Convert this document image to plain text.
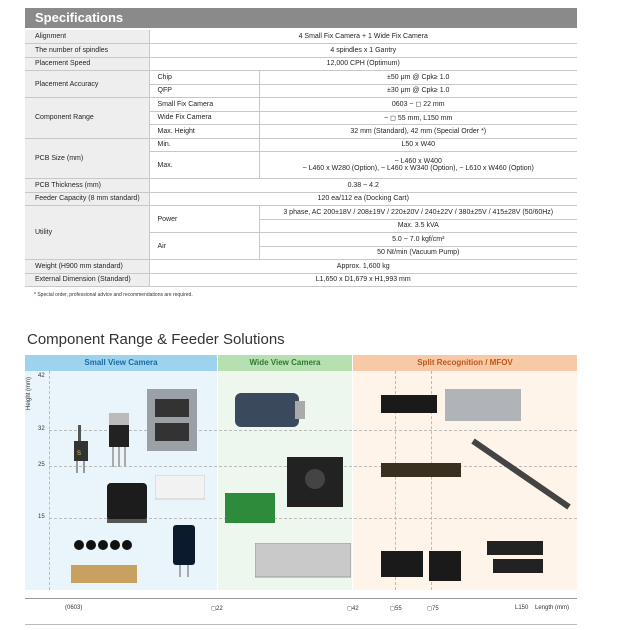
Specifications
Alignment	4 Small Fix Camera + 1 Wide Fix Camera	
The number of spindles	4 spindles x 1 Gantry	
Placement Speed	12,000 CPH (Optimum)	
Placement Accuracy	Chip	±50 μm @ Cpk≥ 1.0
	QFP	±30 μm @ Cpk≥ 1.0
Component Range	Small Fix Camera	0603 ~ ◻ 22 mm
	Wide Fix Camera	~ ◻ 55 mm, L150 mm
	Max. Height	32 mm (Standard), 42 mm (Special Order *)
PCB Size (mm)	Min.	L50 x W40
	Max.	~ L460 x W400
~ L460 x W280 (Option), ~ L460 x W340 (Option), ~ L610 x W460 (Option)

PCB Thickness (mm)	0.38 ~ 4.2	
Feeder Capacity (8 mm standard)	120 ea/112 ea (Docking Cart)	
Utility	Power	3 phase, AC 200±18V / 208±19V / 220±20V / 240±22V / 380±25V / 415±28V (50/60Hz)
		Max. 3.5 kVA
	Air	5.0 ~ 7.0 kgf/cm²
		50 Nℓ/min (Vacuum Pump)
Weight (H900 mm standard)	Approx. 1,600 kg	
External Dimension (Standard)	L1,650 x D1,679 x H1,993 mm	
* Special order, professional advice and recommendations are required.
Component Range & Feeder Solutions
Small View Camera	Wide View Camera	Split Recognition / MFOV
Height (mm)
42
32
25
15
S
(0603)	◻22	◻42	◻55	◻75	L150 Length (mm)
